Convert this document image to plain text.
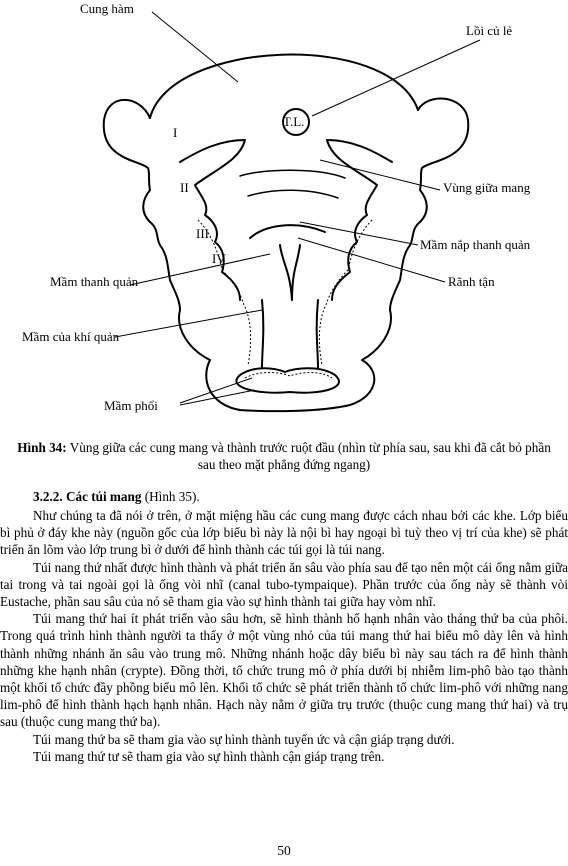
Cung hàm
Lồi củ lẻ
T.L.
Vùng giữa mang
Mầm nắp thanh quản
Rãnh tận
Mầm thanh quản
Mầm của khí quản
Mầm phổi
I
II
III
IV
Hình 34: Vùng giữa các cung mang và thành trước ruột đầu (nhìn từ phía sau, sau khi đã cắt bỏ phần sau theo mặt phẳng đứng ngang)
3.2.2. Các túi mang (Hình 35).

Như chúng ta đã nói ở trên, ở mặt miệng hầu các cung mang được cách nhau bởi các khe. Lớp biểu bì phủ ở đáy khe này (nguồn gốc của lớp biểu bì này là nội bì hay ngoại bì tuỳ theo vị trí của khe) sẽ phát triển ăn lõm vào lớp trung bì ở dưới để hình thành các túi gọi là túi nang.

Túi nang thứ nhất được hình thành và phát triển ăn sâu vào phía sau để tạo nên một cái ống nằm giữa tai trong và tai ngoài gọi là ống vòi nhĩ (canal tubo-tympaique). Phần trước của ống này sẽ thành vòi Eustache, phần sau sâu của nó sẽ tham gia vào sự hình thành tai giữa hay vòm nhĩ.

Túi mang thứ hai ít phát triển vào sâu hơn, sẽ hình thành hố hạnh nhân vào tháng thứ ba của phôi. Trong quá trình hình thành người ta thấy ở một vùng nhỏ của túi mang thứ hai biểu mô dày lên và hình thành những nhánh ăn sâu vào trung mô. Những nhánh hoặc dây biểu bì này sau tách ra để hình thành những khe hạnh nhân (crypte). Đồng thời, tổ chức trung mô ở phía dưới bị nhiễm lim-phô bào tạo thành một khối tổ chức đầy phồng biểu mô lên. Khối tổ chức sẽ phát triển thành tổ chức lim-phô với những nang lim-phô để hình thành hạch hạnh nhân. Hạch này nằm ở giữa trụ trước (thuộc cung mang thứ hai) và trụ sau (thuộc cung mang thứ ba).

Túi mang thứ ba sẽ tham gia vào sự hình thành tuyến ức và cận giáp trạng dưới.

Túi mang thứ tư sẽ tham gia vào sự hình thành cận giáp trạng trên.

50
